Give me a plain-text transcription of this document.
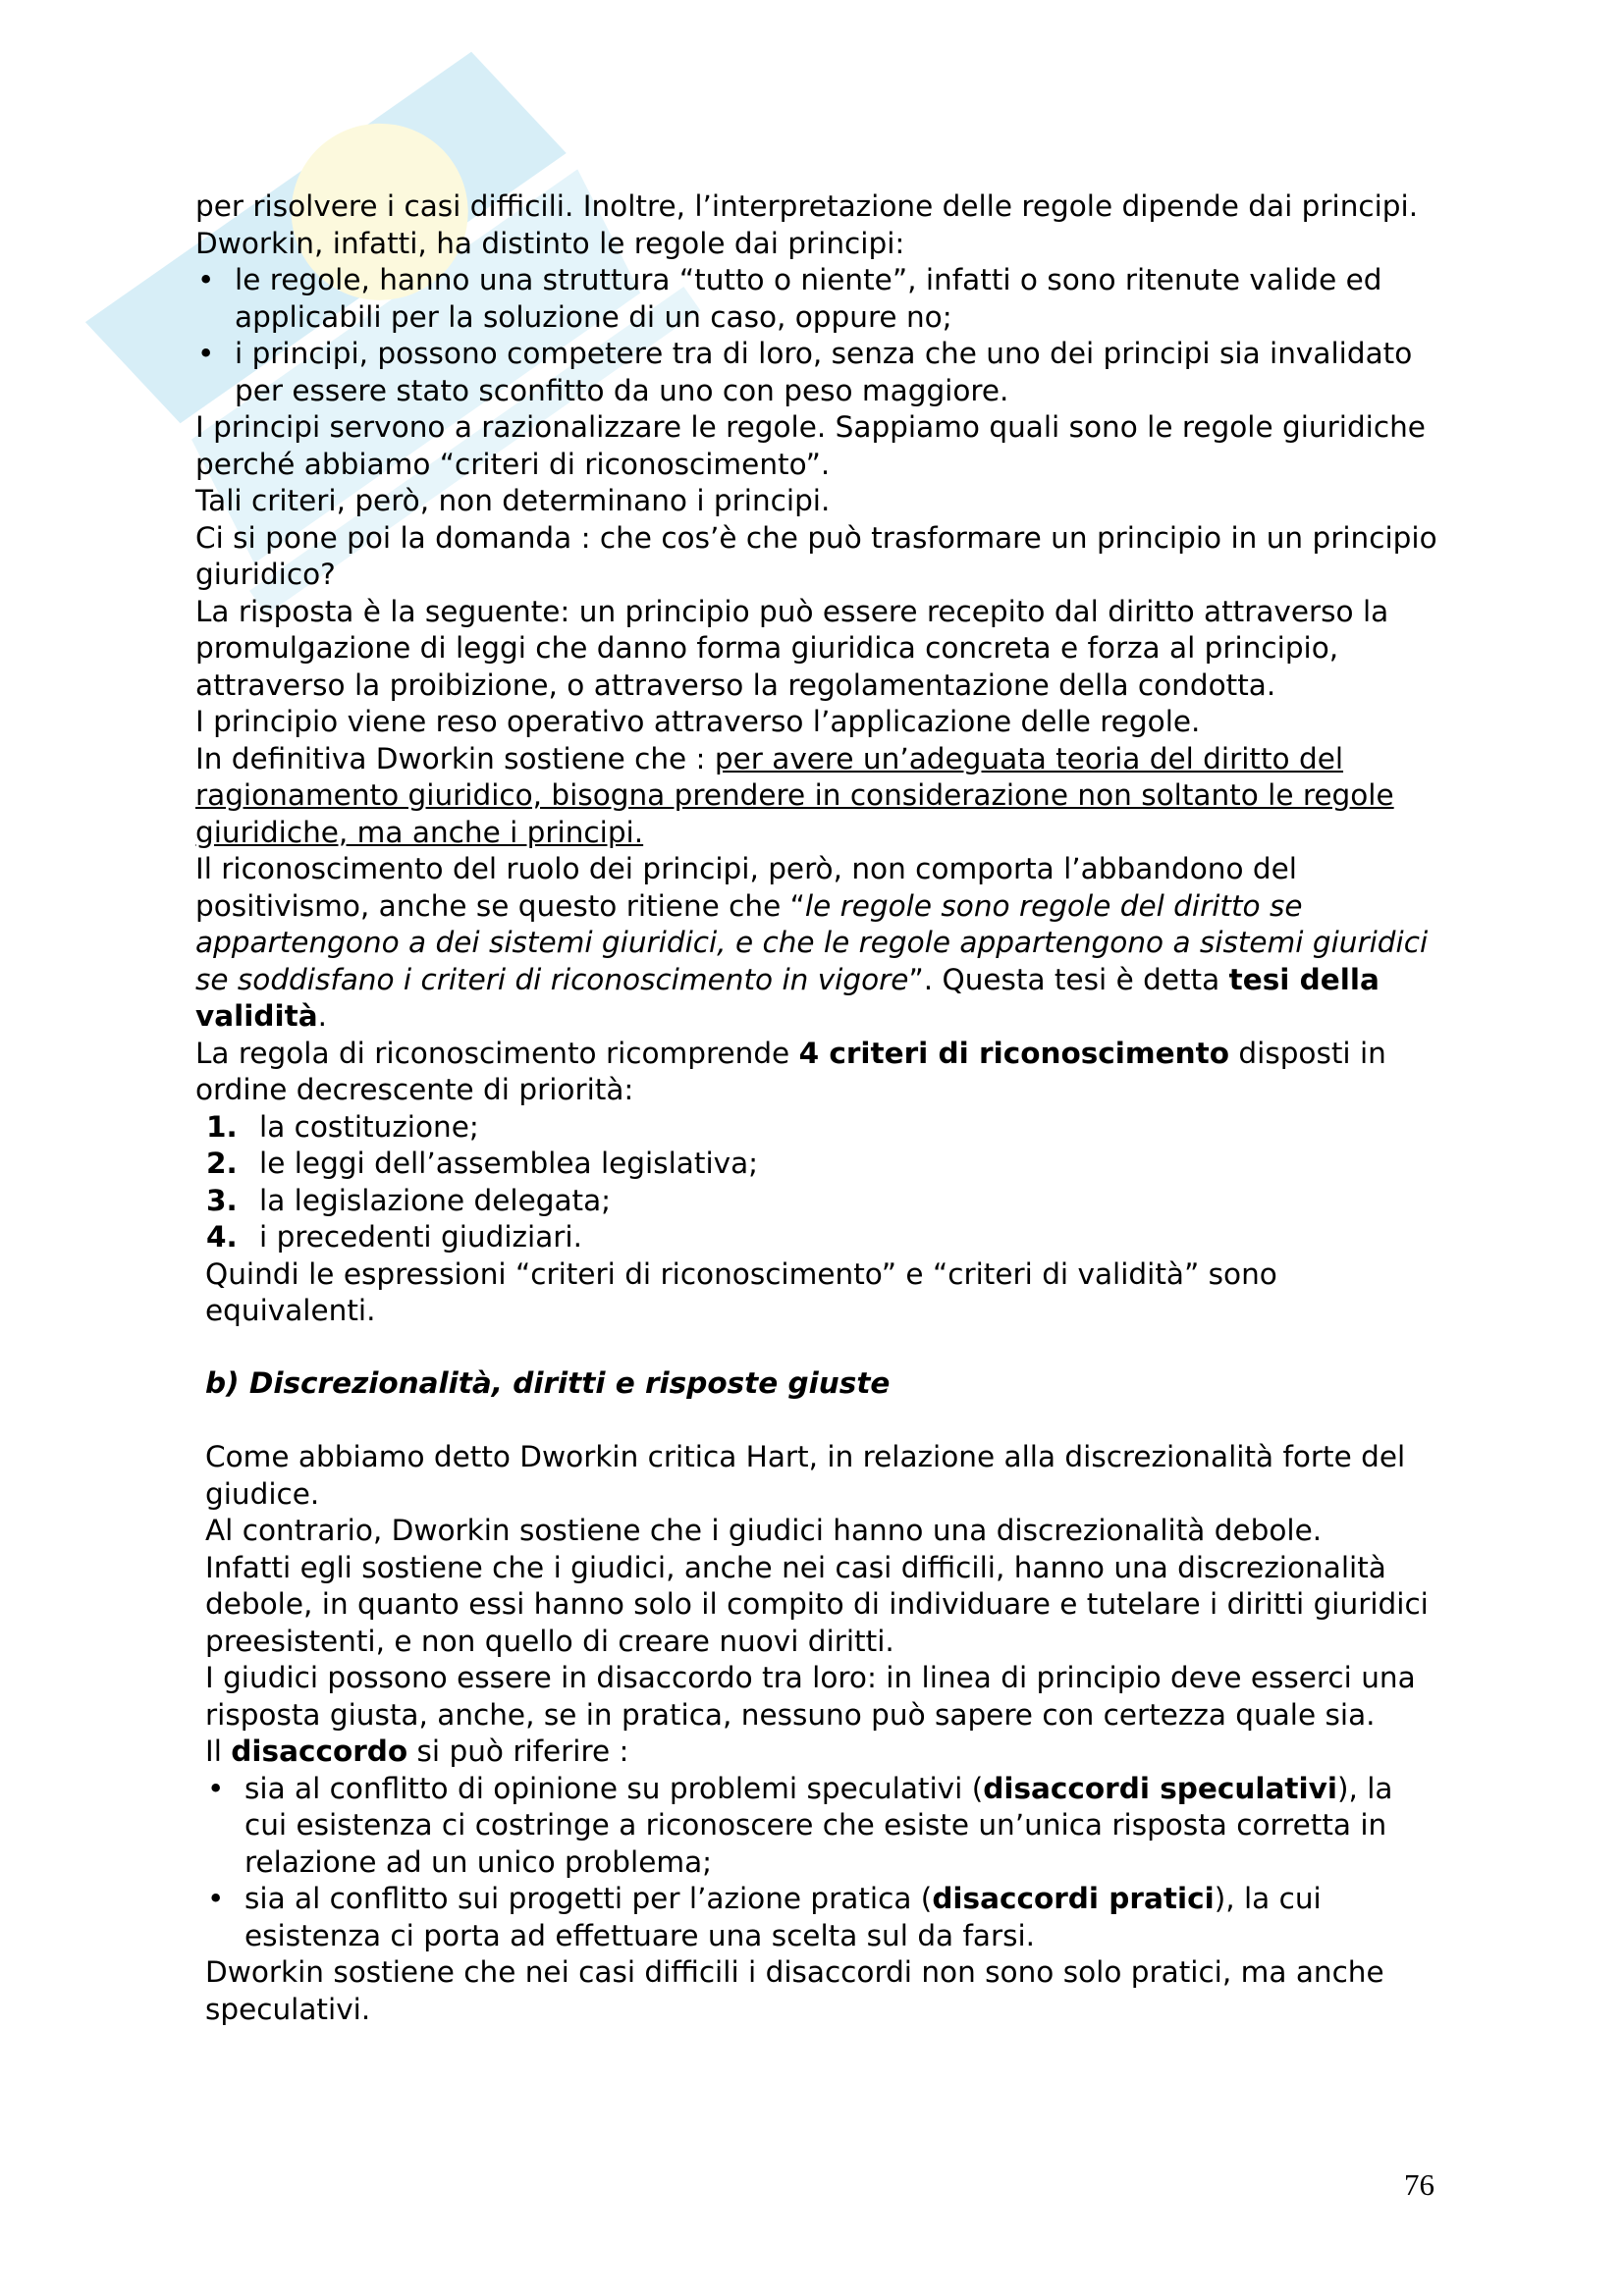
per risolvere i casi difficili. Inoltre, l’interpretazione delle regole dipende dai principi.

Dworkin, infatti, ha distinto le regole dai principi:

• le regole, hanno una struttura “tutto o niente”, infatti o sono ritenute valide ed applicabili per la soluzione di un caso, oppure no;
• i principi, possono competere tra di loro, senza che uno dei principi sia invalidato per essere stato sconfitto da uno con peso maggiore.

I principi servono a razionalizzare le regole. Sappiamo quali sono le regole giuridiche perché abbiamo “criteri di riconoscimento”.

Tali criteri, però, non determinano i principi.

Ci si pone poi la domanda : che cos’è che può trasformare un principio in un principio giuridico?

La risposta è la seguente: un principio può essere recepito dal diritto attraverso la promulgazione di leggi che danno forma giuridica concreta e forza al principio, attraverso la proibizione, o attraverso la regolamentazione della condotta.

I principio viene reso operativo attraverso l’applicazione delle regole.

In definitiva Dworkin sostiene che : per avere un’adeguata teoria del diritto del ragionamento giuridico, bisogna prendere in considerazione non soltanto le regole giuridiche, ma anche i principi.

Il riconoscimento del ruolo dei principi, però, non comporta l’abbandono del positivismo, anche se questo ritiene che “le regole sono regole del diritto se appartengono a dei sistemi giuridici, e che le regole appartengono a sistemi giuridici se soddisfano i criteri di riconoscimento in vigore”. Questa tesi è detta tesi della validità.

La regola di riconoscimento ricomprende 4 criteri di riconoscimento disposti in ordine decrescente di priorità:

1. la costituzione;
2. le leggi dell’assemblea legislativa;
3. la legislazione delegata;
4. i precedenti giudiziari.

Quindi le espressioni “criteri di riconoscimento” e “criteri di validità” sono equivalenti.

b) Discrezionalità, diritti e risposte giuste

Come abbiamo detto Dworkin critica Hart, in relazione alla discrezionalità forte del giudice.

Al contrario, Dworkin sostiene che i giudici hanno una discrezionalità debole.

Infatti egli sostiene che i giudici, anche nei casi difficili, hanno una discrezionalità debole, in quanto essi hanno solo il compito di individuare e tutelare i diritti giuridici preesistenti, e non quello di creare nuovi diritti.

I giudici possono essere in disaccordo tra loro: in linea di principio deve esserci una risposta giusta, anche, se in pratica, nessuno può sapere con certezza quale sia.

Il disaccordo si può riferire :

• sia al conflitto di opinione su problemi speculativi (disaccordi speculativi), la cui esistenza ci costringe a riconoscere che esiste un’unica risposta corretta in relazione ad un unico problema;
• sia al conflitto sui progetti per l’azione pratica (disaccordi pratici), la cui esistenza ci porta ad effettuare una scelta sul da farsi.

Dworkin sostiene che nei casi difficili i disaccordi non sono solo pratici, ma anche speculativi.

76
